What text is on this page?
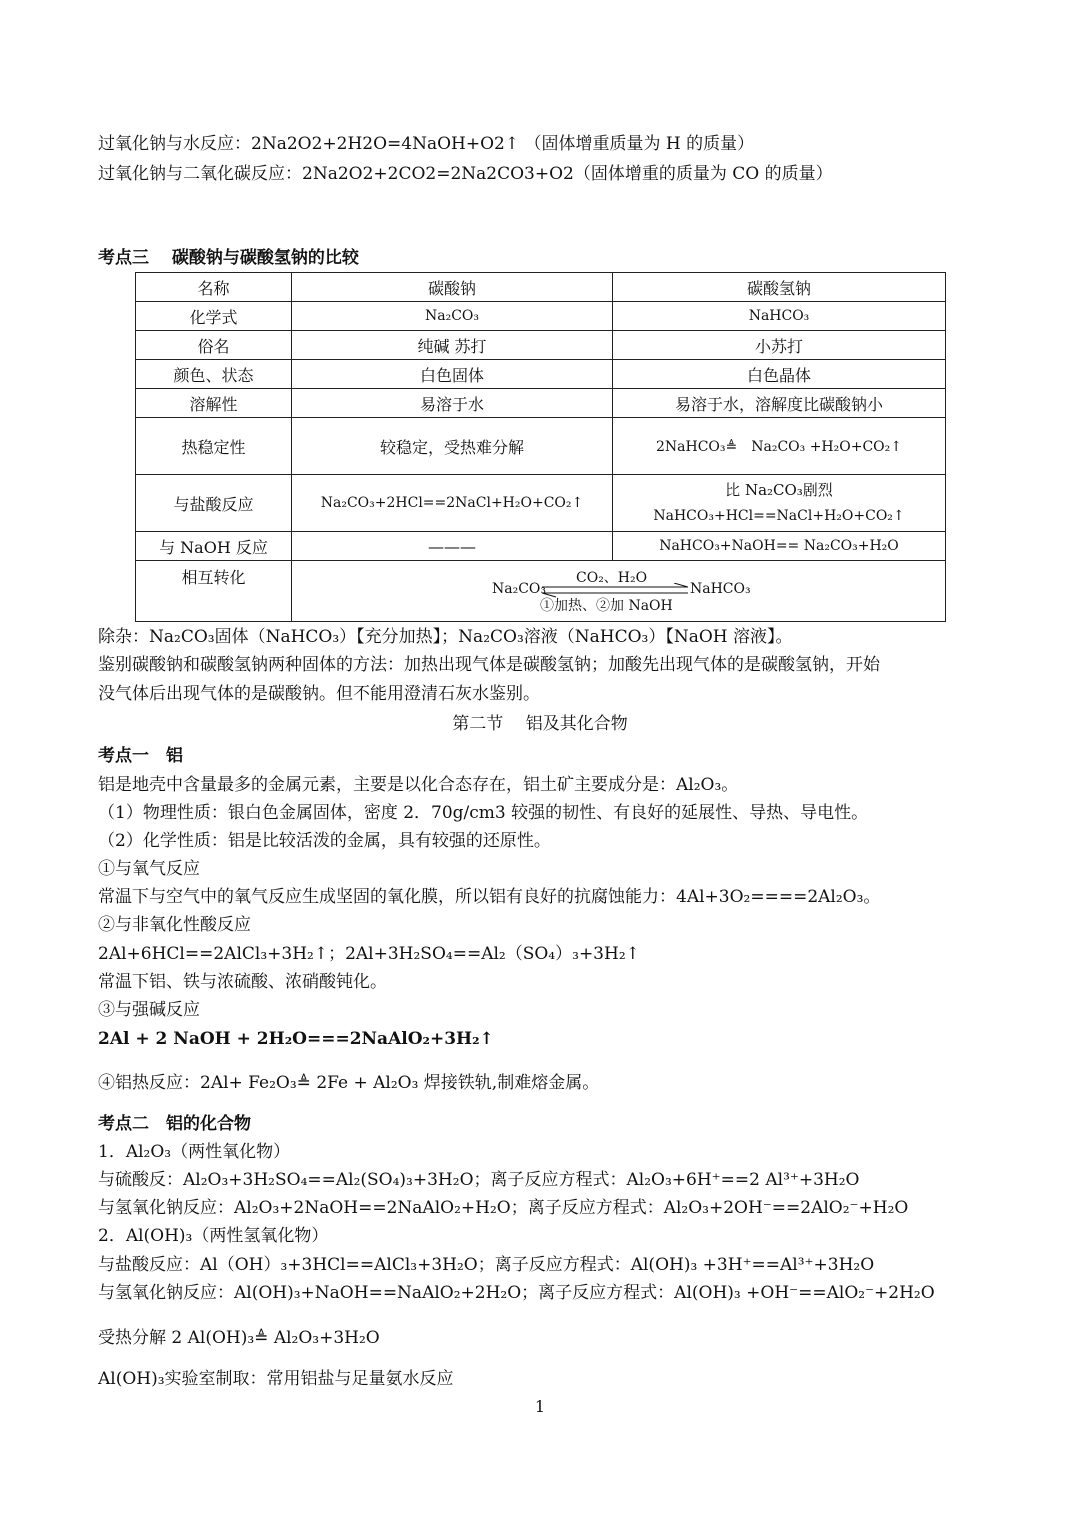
过氧化钠与水反应：2Na2O2+2H2O=4NaOH+O2↑ （固体增重质量为 H 的质量）
过氧化钠与二氧化碳反应：2Na2O2+2CO2=2Na2CO3+O2（固体增重的质量为 CO 的质量）
考点三　 碳酸钠与碳酸氢钠的比较
名称	碳酸钠	碳酸氢钠
化学式	Na₂CO₃	NaHCO₃
俗名	纯碱 苏打	小苏打
颜色、状态	白色固体	白色晶体
溶解性	易溶于水	易溶于水，溶解度比碳酸钠小
热稳定性	较稳定，受热难分解	2NaHCO₃≜　Na₂CO₃ +H₂O+CO₂↑
与盐酸反应	Na₂CO₃+2HCl==2NaCl+H₂O+CO₂↑	比 Na₂CO₃剧烈
NaHCO₃+HCl==NaCl+H₂O+CO₂↑

与 NaOH 反应	———	NaHCO₃+NaOH== Na₂CO₃+H₂O
相互转化	Na₂CO₃
CO₂、H₂O
①加热、②加 NaOH
NaHCO₃	
除杂：Na₂CO₃固体（NaHCO₃）【充分加热】；Na₂CO₃溶液（NaHCO₃）【NaOH 溶液】。
鉴别碳酸钠和碳酸氢钠两种固体的方法：加热出现气体是碳酸氢钠；加酸先出现气体的是碳酸氢钠，开始
没气体后出现气体的是碳酸钠。但不能用澄清石灰水鉴别。
第二节　 铝及其化合物
考点一　铝
铝是地壳中含量最多的金属元素，主要是以化合态存在，铝土矿主要成分是：Al₂O₃。
（1）物理性质：银白色金属固体，密度 2．70g/cm3 较强的韧性、有良好的延展性、导热、导电性。
（2）化学性质：铝是比较活泼的金属，具有较强的还原性。
①与氧气反应
常温下与空气中的氧气反应生成坚固的氧化膜，所以铝有良好的抗腐蚀能力：4Al+3O₂====2Al₂O₃。
②与非氧化性酸反应
2Al+6HCl==2AlCl₃+3H₂↑；2Al+3H₂SO₄==Al₂（SO₄）₃+3H₂↑
常温下铝、铁与浓硫酸、浓硝酸钝化。
③与强碱反应
2Al + 2 NaOH + 2H₂O===2NaAlO₂+3H₂↑
④铝热反应：2Al+ Fe₂O₃≜ 2Fe + Al₂O₃ 焊接铁轨,制难熔金属。
考点二　铝的化合物
1．Al₂O₃（两性氧化物）
与硫酸反：Al₂O₃+3H₂SO₄==Al₂(SO₄)₃+3H₂O；离子反应方程式：Al₂O₃+6H⁺==2 Al³⁺+3H₂O
与氢氧化钠反应：Al₂O₃+2NaOH==2NaAlO₂+H₂O；离子反应方程式：Al₂O₃+2OH⁻==2AlO₂⁻+H₂O
2．Al(OH)₃（两性氢氧化物）
与盐酸反应：Al（OH）₃+3HCl==AlCl₃+3H₂O；离子反应方程式：Al(OH)₃ +3H⁺==Al³⁺+3H₂O
与氢氧化钠反应：Al(OH)₃+NaOH==NaAlO₂+2H₂O；离子反应方程式：Al(OH)₃ +OH⁻==AlO₂⁻+2H₂O
受热分解 2 Al(OH)₃≜ Al₂O₃+3H₂O
Al(OH)₃实验室制取：常用铝盐与足量氨水反应
1
